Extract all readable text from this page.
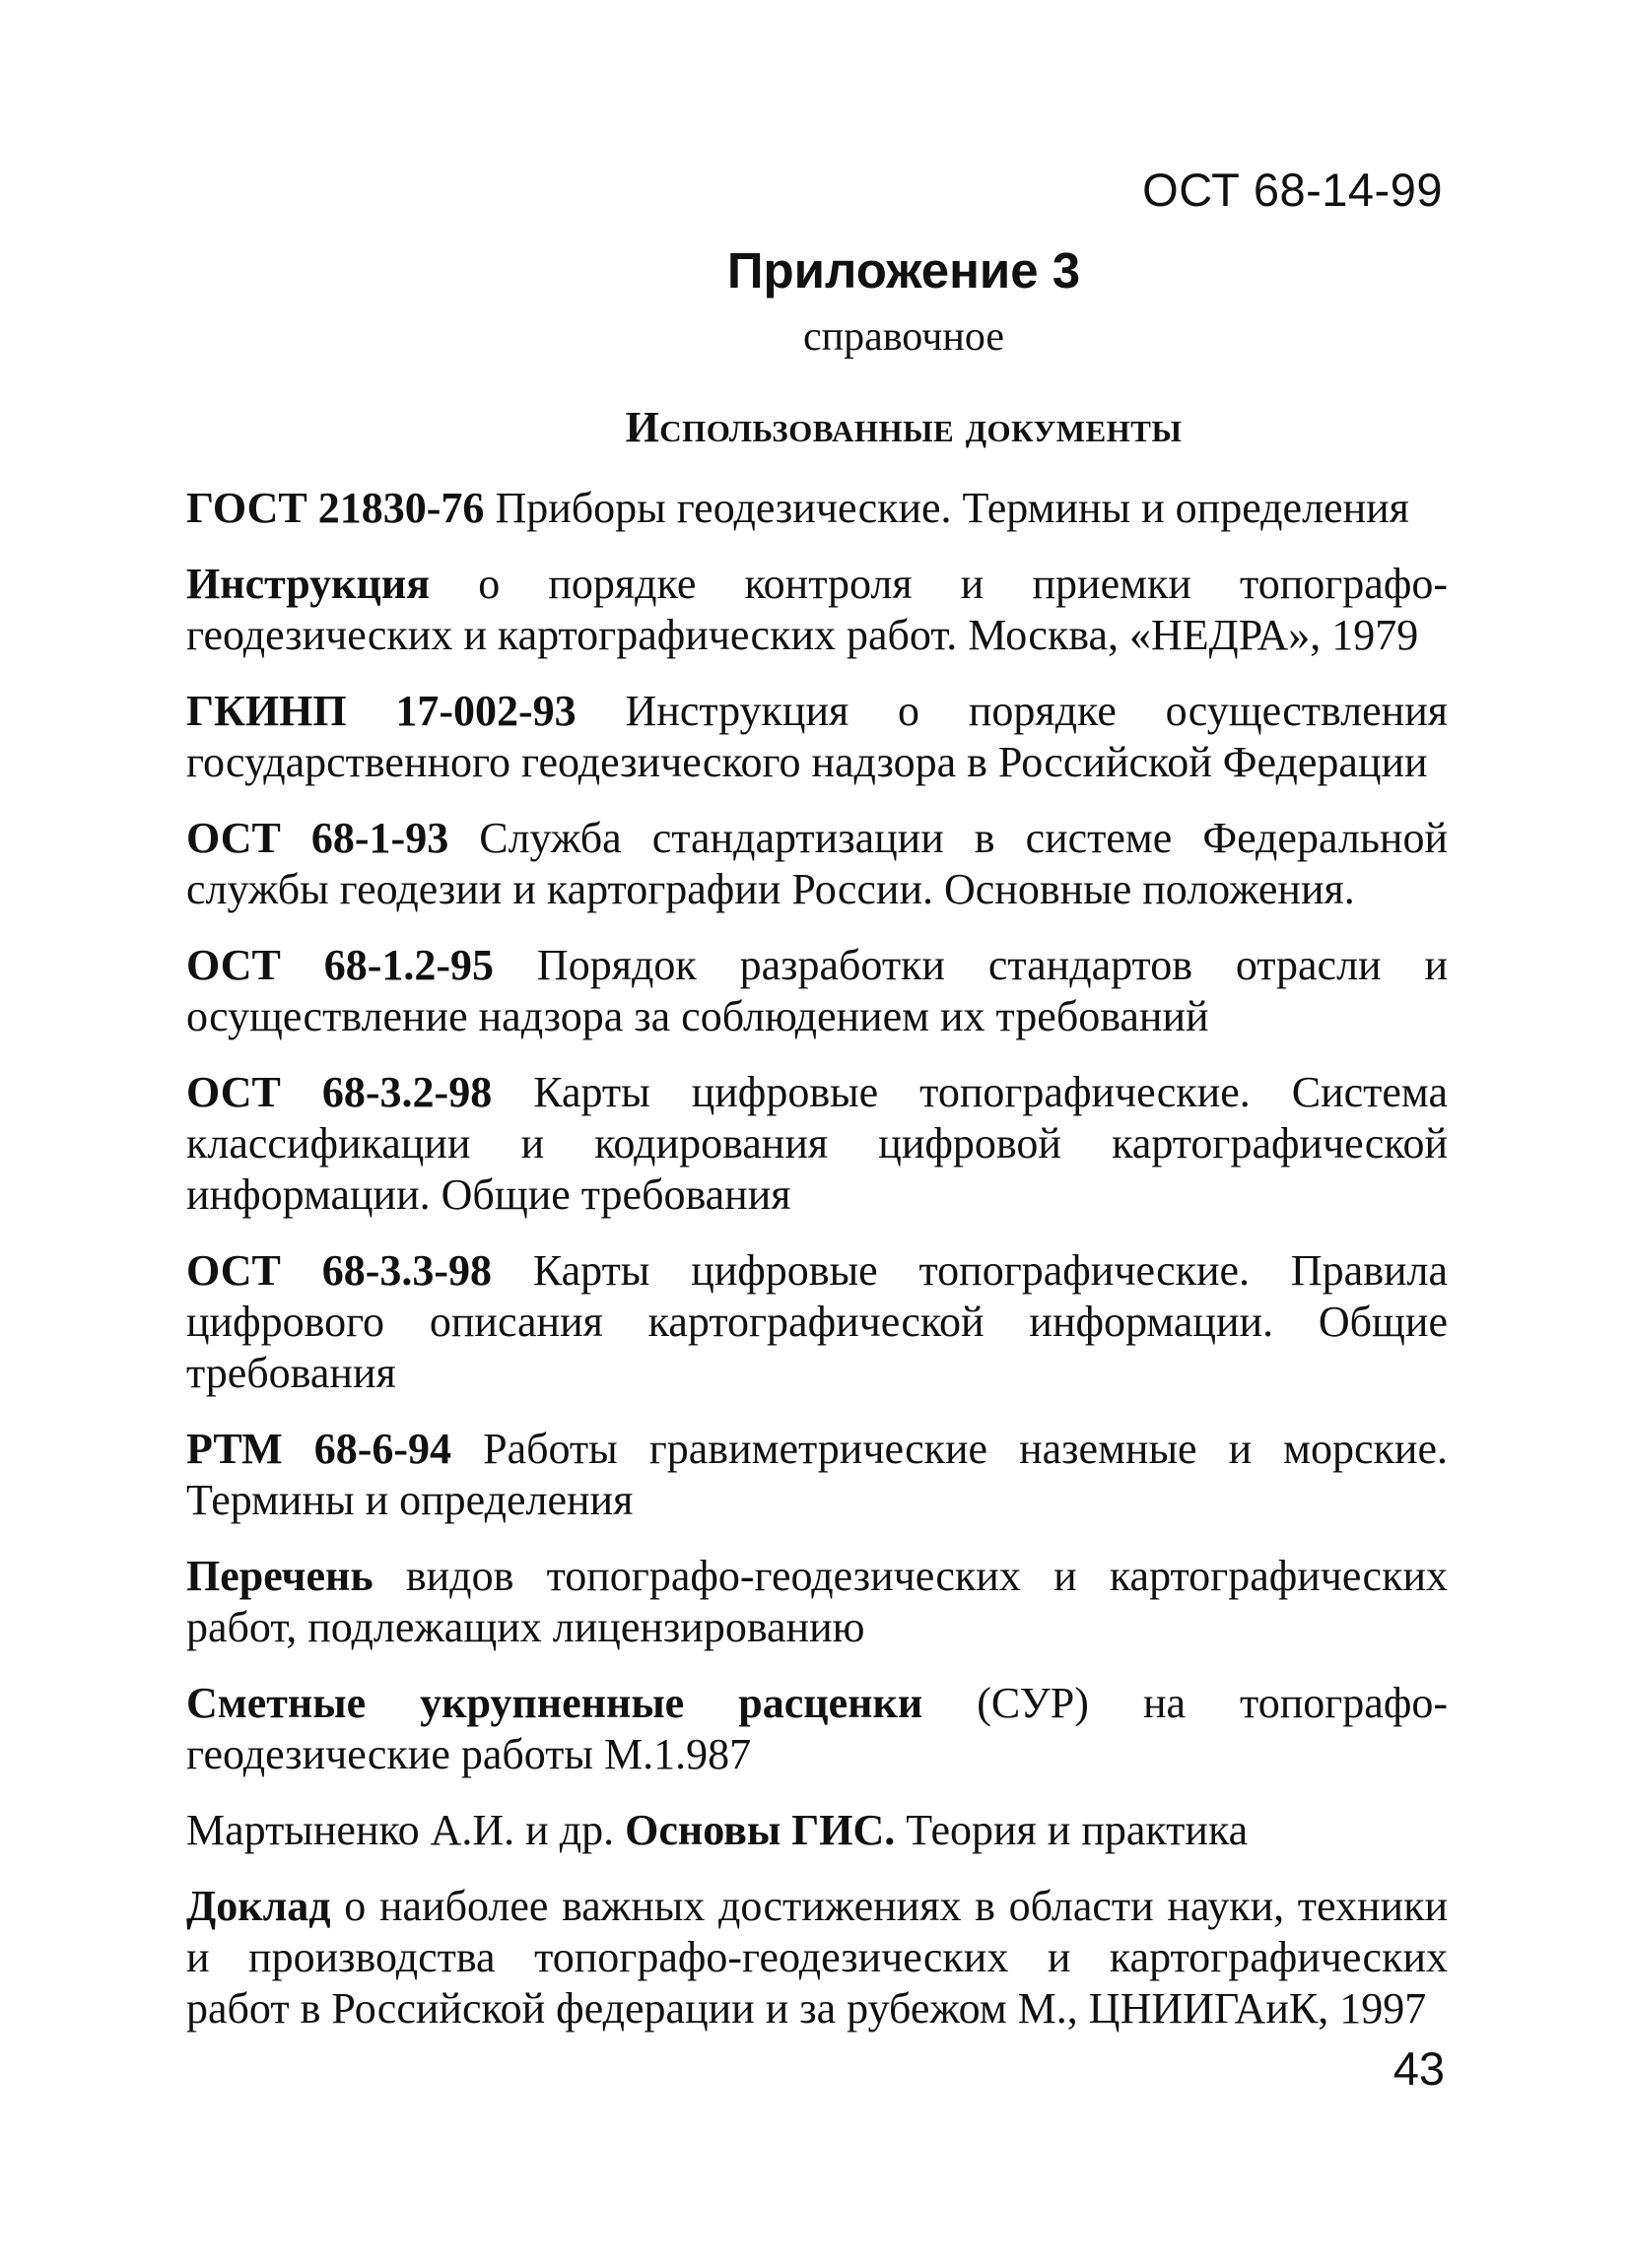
ОСТ 68-14-99
Приложение 3
справочное
Использованные документы

ГОСТ 21830-76 Приборы геодезические. Термины и определения

Инструкция о порядке контроля и приемки топографо-геодезических и картографических работ. Москва, «НЕДРА», 1979

ГКИНП 17-002-93 Инструкция о порядке осуществления государственного геодезического надзора в Российской Федерации

ОСТ 68-1-93 Служба стандартизации в системе Федеральной службы геодезии и картографии России. Основные положения.

ОСТ 68-1.2-95 Порядок разработки стандартов отрасли и осуществление надзора за соблюдением их требований

ОСТ 68-3.2-98 Карты цифровые топографические. Система классификации и кодирования цифровой картографической информации. Общие требования

ОСТ 68-3.3-98 Карты цифровые топографические. Правила цифрового описания картографической информации. Общие требования

РТМ 68-6-94 Работы гравиметрические наземные и морские. Термины и определения

Перечень видов топографо-геодезических и картографических работ, подлежащих лицензированию

Сметные укрупненные расценки (СУР) на топографо-геодезические работы М.1.987

Мартыненко А.И. и др. Основы ГИС. Теория и практика

Доклад о наиболее важных достижениях в области науки, техники и производства топографо-геодезических и картографических работ в Российской федерации и за рубежом М., ЦНИИГАиК, 1997

43
